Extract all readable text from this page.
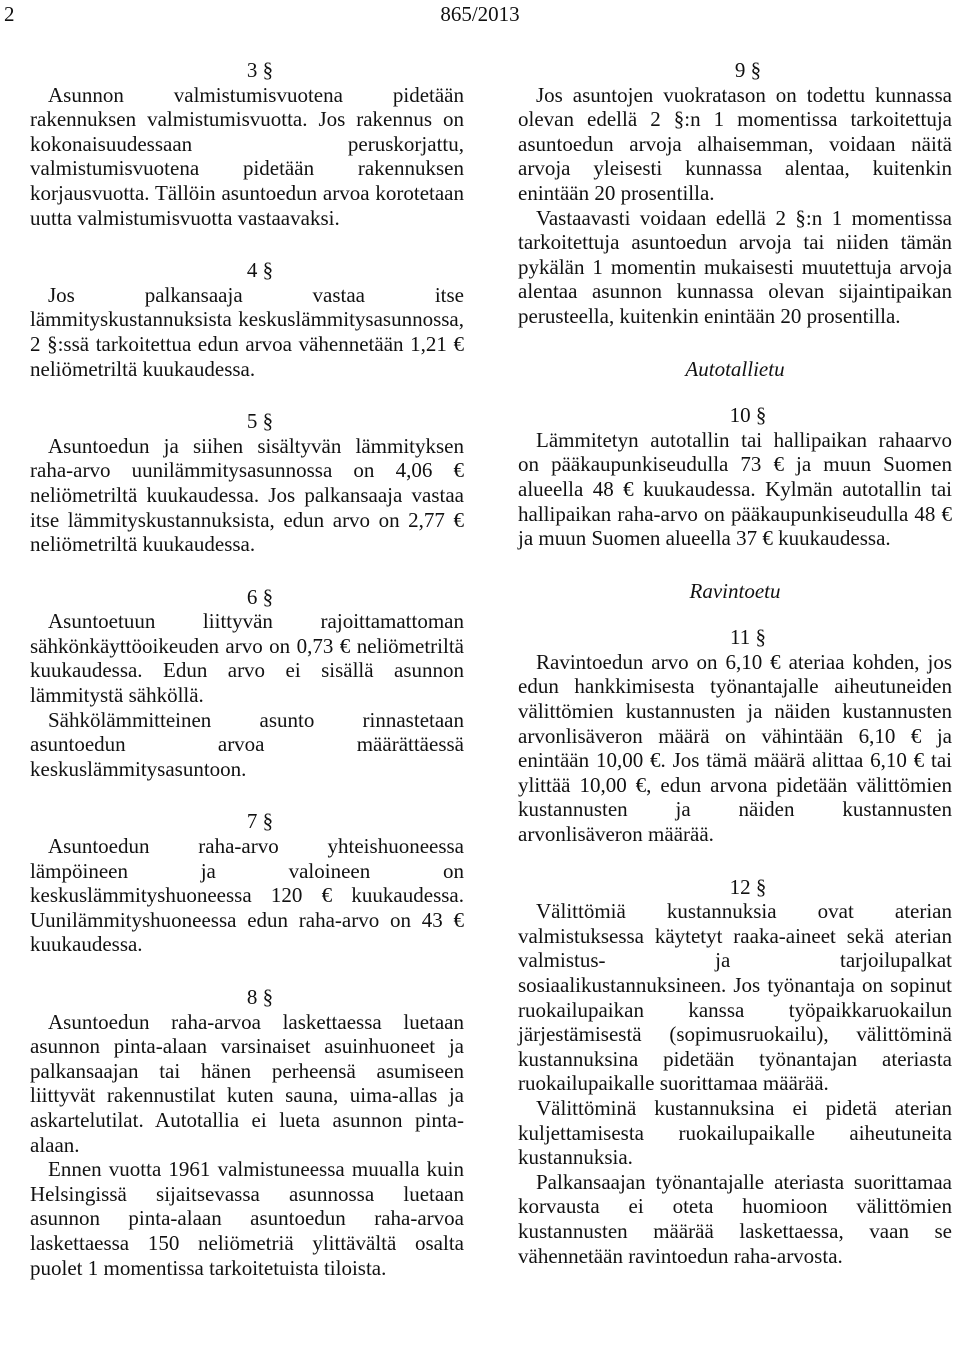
2	865/2013

3 §

Asunnon valmistumisvuotena pidetään rakennuksen valmistumisvuotta. Jos rakennus on kokonaisuudessaan peruskorjattu, valmistumisvuotena pidetään rakennuksen korjausvuotta. Tällöin asuntoedun arvoa korotetaan uutta valmistumisvuotta vastaavaksi.

4 §

Jos palkansaaja vastaa itse lämmityskustannuksista keskuslämmitysasunnossa, 2 §:ssä tarkoitettua edun arvoa vähennetään 1,21 € neliömetriltä kuukaudessa.

5 §

Asuntoedun ja siihen sisältyvän lämmityksen raha-arvo uunilämmitysasunnossa on 4,06 € neliömetriltä kuukaudessa. Jos palkansaaja vastaa itse lämmityskustannuksista, edun arvo on 2,77 € neliömetriltä kuukaudessa.

6 §

Asuntoetuun liittyvän rajoittamattoman sähkönkäyttöoikeuden arvo on 0,73 € neliömetriltä kuukaudessa. Edun arvo ei sisällä asunnon lämmitystä sähköllä.

Sähkölämmitteinen asunto rinnastetaan asuntoedun arvoa määrättäessä keskuslämmitysasuntoon.

7 §

Asuntoedun raha-arvo yhteishuoneessa lämpöineen ja valoineen on keskuslämmityshuoneessa 120 € kuukaudessa. Uunilämmityshuoneessa edun raha-arvo on 43 € kuukaudessa.

8 §

Asuntoedun raha-arvoa laskettaessa luetaan asunnon pinta-alaan varsinaiset asuinhuoneet ja palkansaajan tai hänen perheensä asumiseen liittyvät rakennustilat kuten sauna, uima-allas ja askartelutilat. Autotallia ei lueta asunnon pinta-alaan.

Ennen vuotta 1961 valmistuneessa muualla kuin Helsingissä sijaitsevassa asunnossa luetaan asunnon pinta-alaan asuntoedun raha-arvoa laskettaessa 150 neliömetriä ylittävältä osalta puolet 1 momentissa tarkoitetuista tiloista.

9 §

Jos asuntojen vuokratason on todettu kunnassa olevan edellä 2 §:n 1 momentissa tarkoitettuja asuntoedun arvoja alhaisemman, voidaan näitä arvoja yleisesti kunnassa alentaa, kuitenkin enintään 20 prosentilla.

Vastaavasti voidaan edellä 2 §:n 1 momentissa tarkoitettuja asuntoedun arvoja tai niiden tämän pykälän 1 momentin mukaisesti muutettuja arvoja alentaa asunnon kunnassa olevan sijaintipaikan perusteella, kuitenkin enintään 20 prosentilla.

Autotallietu

10 §

Lämmitetyn autotallin tai hallipaikan rahaarvo on pääkaupunkiseudulla 73 € ja muun Suomen alueella 48 € kuukaudessa. Kylmän autotallin tai hallipaikan raha-arvo on pääkaupunkiseudulla 48 € ja muun Suomen alueella 37 € kuukaudessa.

Ravintoetu

11 §

Ravintoedun arvo on 6,10 € ateriaa kohden, jos edun hankkimisesta työnantajalle aiheutuneiden välittömien kustannusten ja näiden kustannusten arvonlisäveron määrä on vähintään 6,10 € ja enintään 10,00 €. Jos tämä määrä alittaa 6,10 € tai ylittää 10,00 €, edun arvona pidetään välittömien kustannusten ja näiden kustannusten arvonlisäveron määrää.

12 §

Välittömiä kustannuksia ovat aterian valmistuksessa käytetyt raaka-aineet sekä aterian valmistus- ja tarjoilupalkat sosiaalikustannuksineen. Jos työnantaja on sopinut ruokailupaikan kanssa työpaikkaruokailun järjestämisestä (sopimusruokailu), välittöminä kustannuksina pidetään työnantajan ateriasta ruokailupaikalle suorittamaa määrää.

Välittöminä kustannuksina ei pidetä aterian kuljettamisesta ruokailupaikalle aiheutuneita kustannuksia.

Palkansaajan työnantajalle ateriasta suorittamaa korvausta ei oteta huomioon välittömien kustannusten määrää laskettaessa, vaan se vähennetään ravintoedun raha-arvosta.
